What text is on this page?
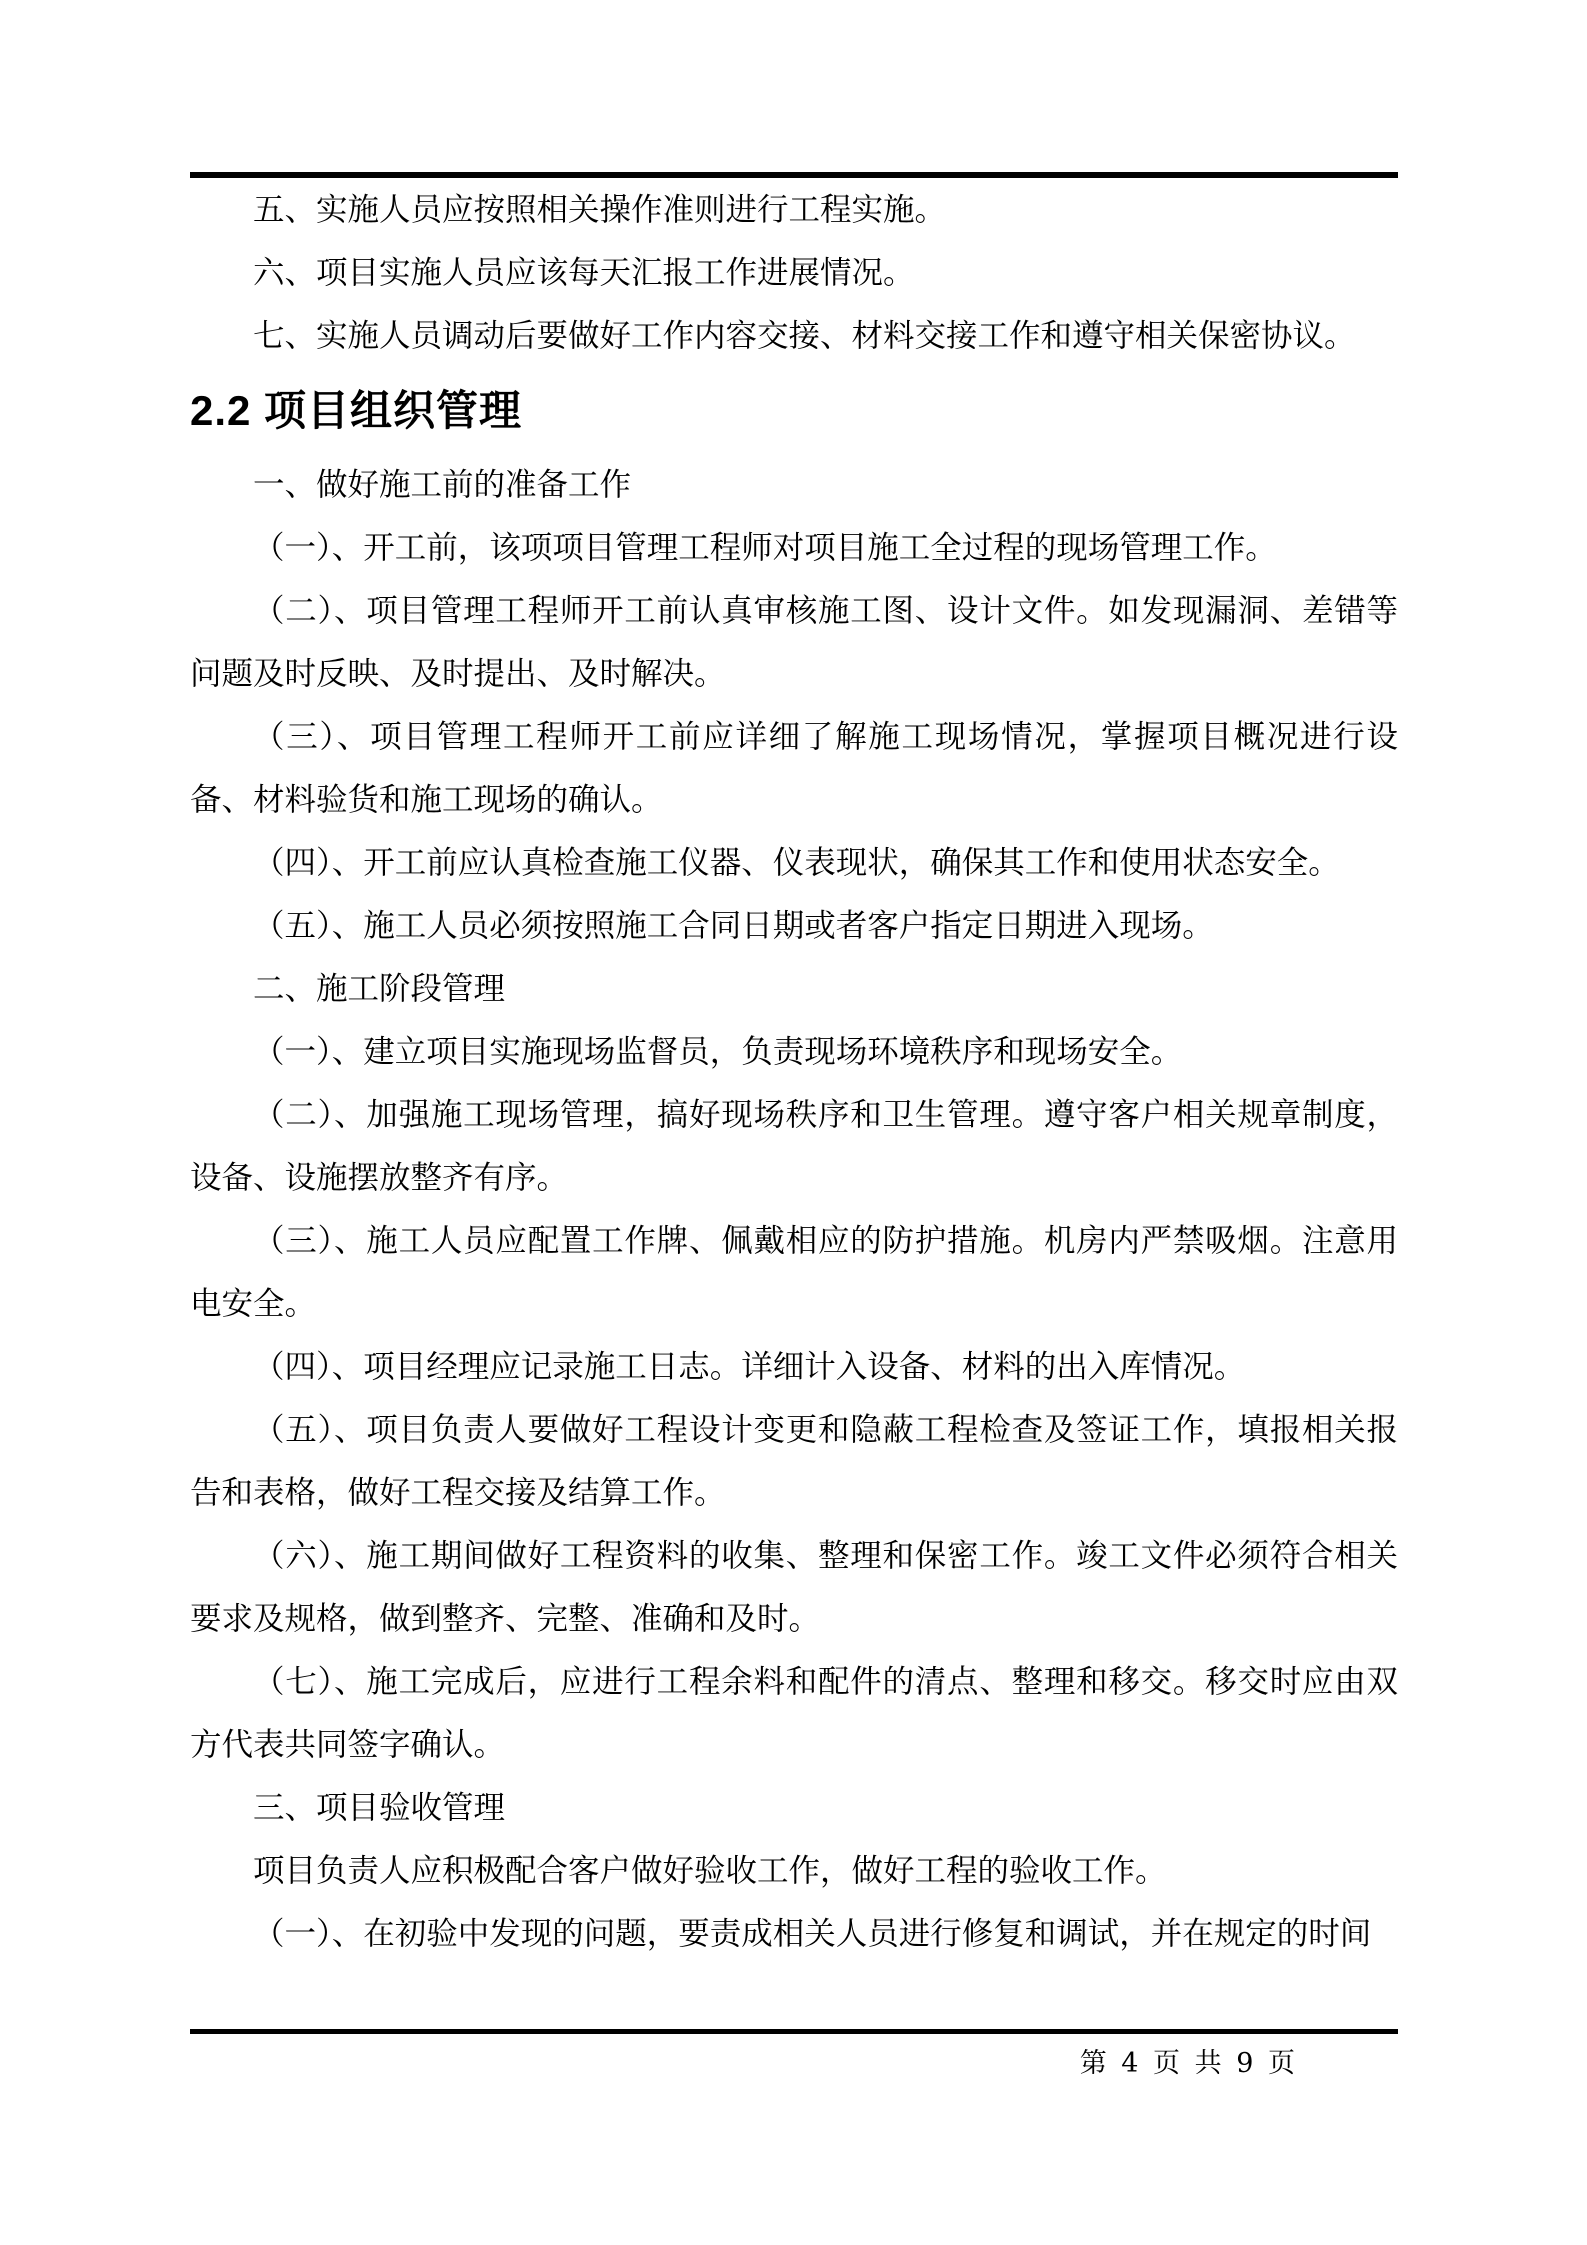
五、实施人员应按照相关操作准则进行工程实施。

六、项目实施人员应该每天汇报工作进展情况。

七、实施人员调动后要做好工作内容交接、材料交接工作和遵守相关保密协议。

2.2 项目组织管理

一、做好施工前的准备工作

（一）、开工前，该项项目管理工程师对项目施工全过程的现场管理工作。

（二）、项目管理工程师开工前认真审核施工图、设计文件。如发现漏洞、差错等问题及时反映、及时提出、及时解决。

（三）、项目管理工程师开工前应详细了解施工现场情况，掌握项目概况进行设备、材料验货和施工现场的确认。

（四）、开工前应认真检查施工仪器、仪表现状，确保其工作和使用状态安全。

（五）、施工人员必须按照施工合同日期或者客户指定日期进入现场。

二、施工阶段管理

（一）、建立项目实施现场监督员，负责现场环境秩序和现场安全。

（二）、加强施工现场管理，搞好现场秩序和卫生管理。遵守客户相关规章制度，设备、设施摆放整齐有序。

（三）、施工人员应配置工作牌、佩戴相应的防护措施。机房内严禁吸烟。注意用电安全。

（四）、项目经理应记录施工日志。详细计入设备、材料的出入库情况。

（五）、项目负责人要做好工程设计变更和隐蔽工程检查及签证工作，填报相关报告和表格，做好工程交接及结算工作。

（六）、施工期间做好工程资料的收集、整理和保密工作。竣工文件必须符合相关要求及规格，做到整齐、完整、准确和及时。

（七）、施工完成后，应进行工程余料和配件的清点、整理和移交。移交时应由双方代表共同签字确认。

三、项目验收管理

项目负责人应积极配合客户做好验收工作，做好工程的验收工作。

（一）、在初验中发现的问题，要责成相关人员进行修复和调试，并在规定的时间

第 4 页 共 9 页
